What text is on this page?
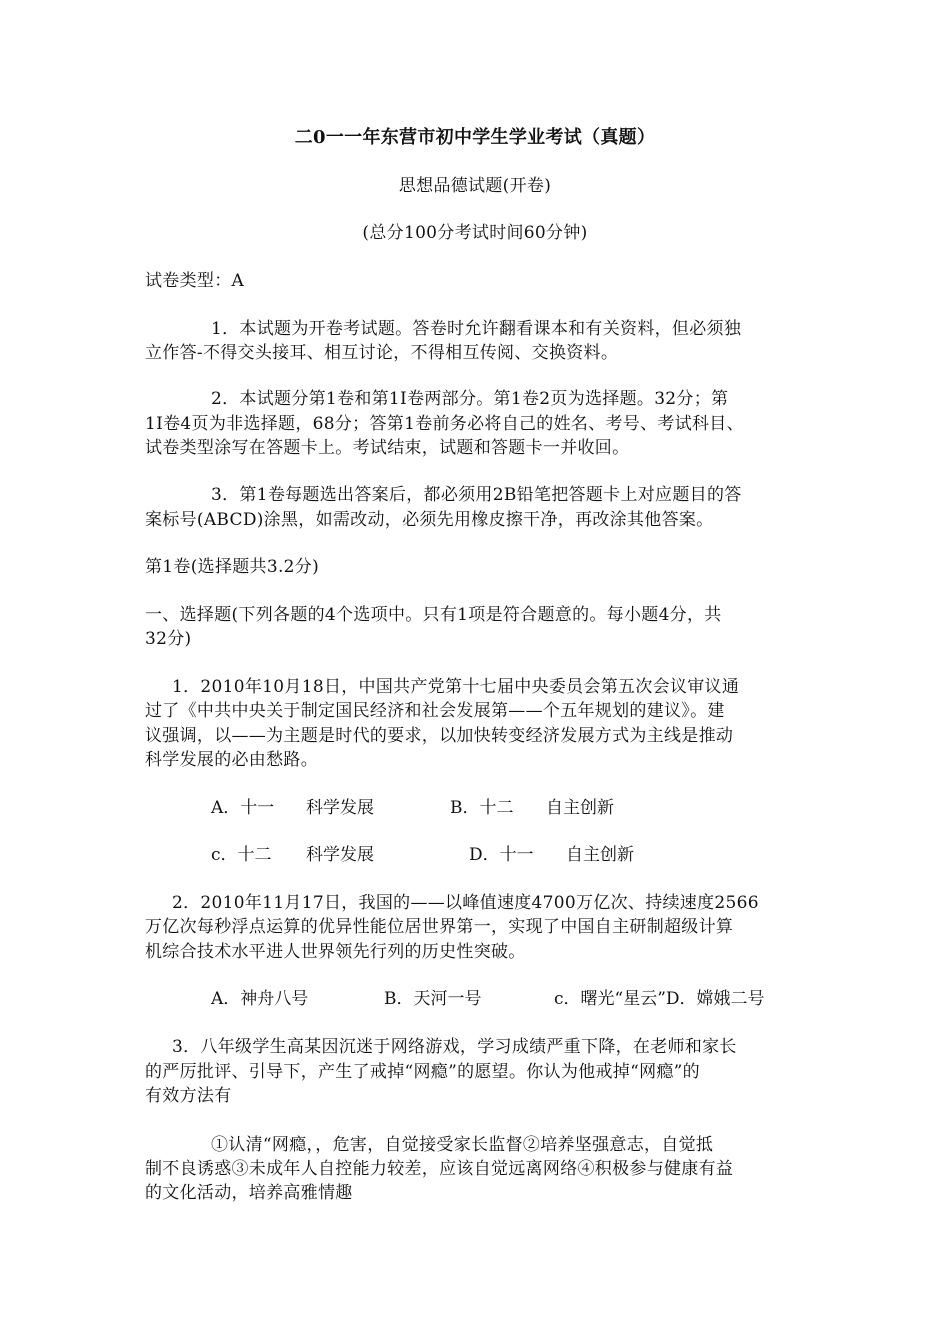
二0一一年东营市初中学生学业考试（真题）

思想品德试题(开卷)

(总分100分考试时间60分钟)

试卷类型：A

1．本试题为开卷考试题。答卷时允许翻看课本和有关资料，但必须独

立作答-不得交头接耳、相互讨论，不得相互传阅、交换资料。

2．本试题分第1卷和第1I卷两部分。第1卷2页为选择题。32分；第

1I卷4页为非选择题，68分；答第1卷前务必将自己的姓名、考号、考试科目、

试卷类型涂写在答题卡上。考试结束，试题和答题卡一并收回。

3．第1卷每题选出答案后，都必须用2B铅笔把答题卡上对应题目的答

案标号(ABCD)涂黑，如需改动，必须先用橡皮擦干净，再改涂其他答案。

第1卷(选择题共3.2分)

一、选择题(下列各题的4个选项中。只有1项是符合题意的。每小题4分，共

32分)

1．2010年10月18日，中国共产党第十七届中央委员会第五次会议审议通

过了《中共中央关于制定国民经济和社会发展第——个五年规划的建议》。建

议强调，以——为主题是时代的要求，以加快转变经济发展方式为主线是推动

科学发展的必由愁路。

A．十一 科学发展	B．十二 自主创新
c．十二 科学发展	D．十一 自主创新

2．2010年11月17日，我国的——以峰值速度4700万亿次、持续速度2566

万亿次每秒浮点运算的优异性能位居世界第一，实现了中国自主研制超级计算

机综合技术水平进人世界领先行列的历史性突破。

A．神舟八号	B．天河一号	c．曙光“星云”D．嫦娥二号

3．八年级学生高某因沉迷于网络游戏，学习成绩严重下降，在老师和家长

的严厉批评、引导下，产生了戒掉“网瘾”的愿望。你认为他戒掉“网瘾”的

有效方法有

①认清“网瘾，，危害，自觉接受家长监督②培养坚强意志，自觉抵

制不良诱惑③未成年人自控能力较差，应该自觉远离网络④积极参与健康有益

的文化活动，培养高雅情趣
